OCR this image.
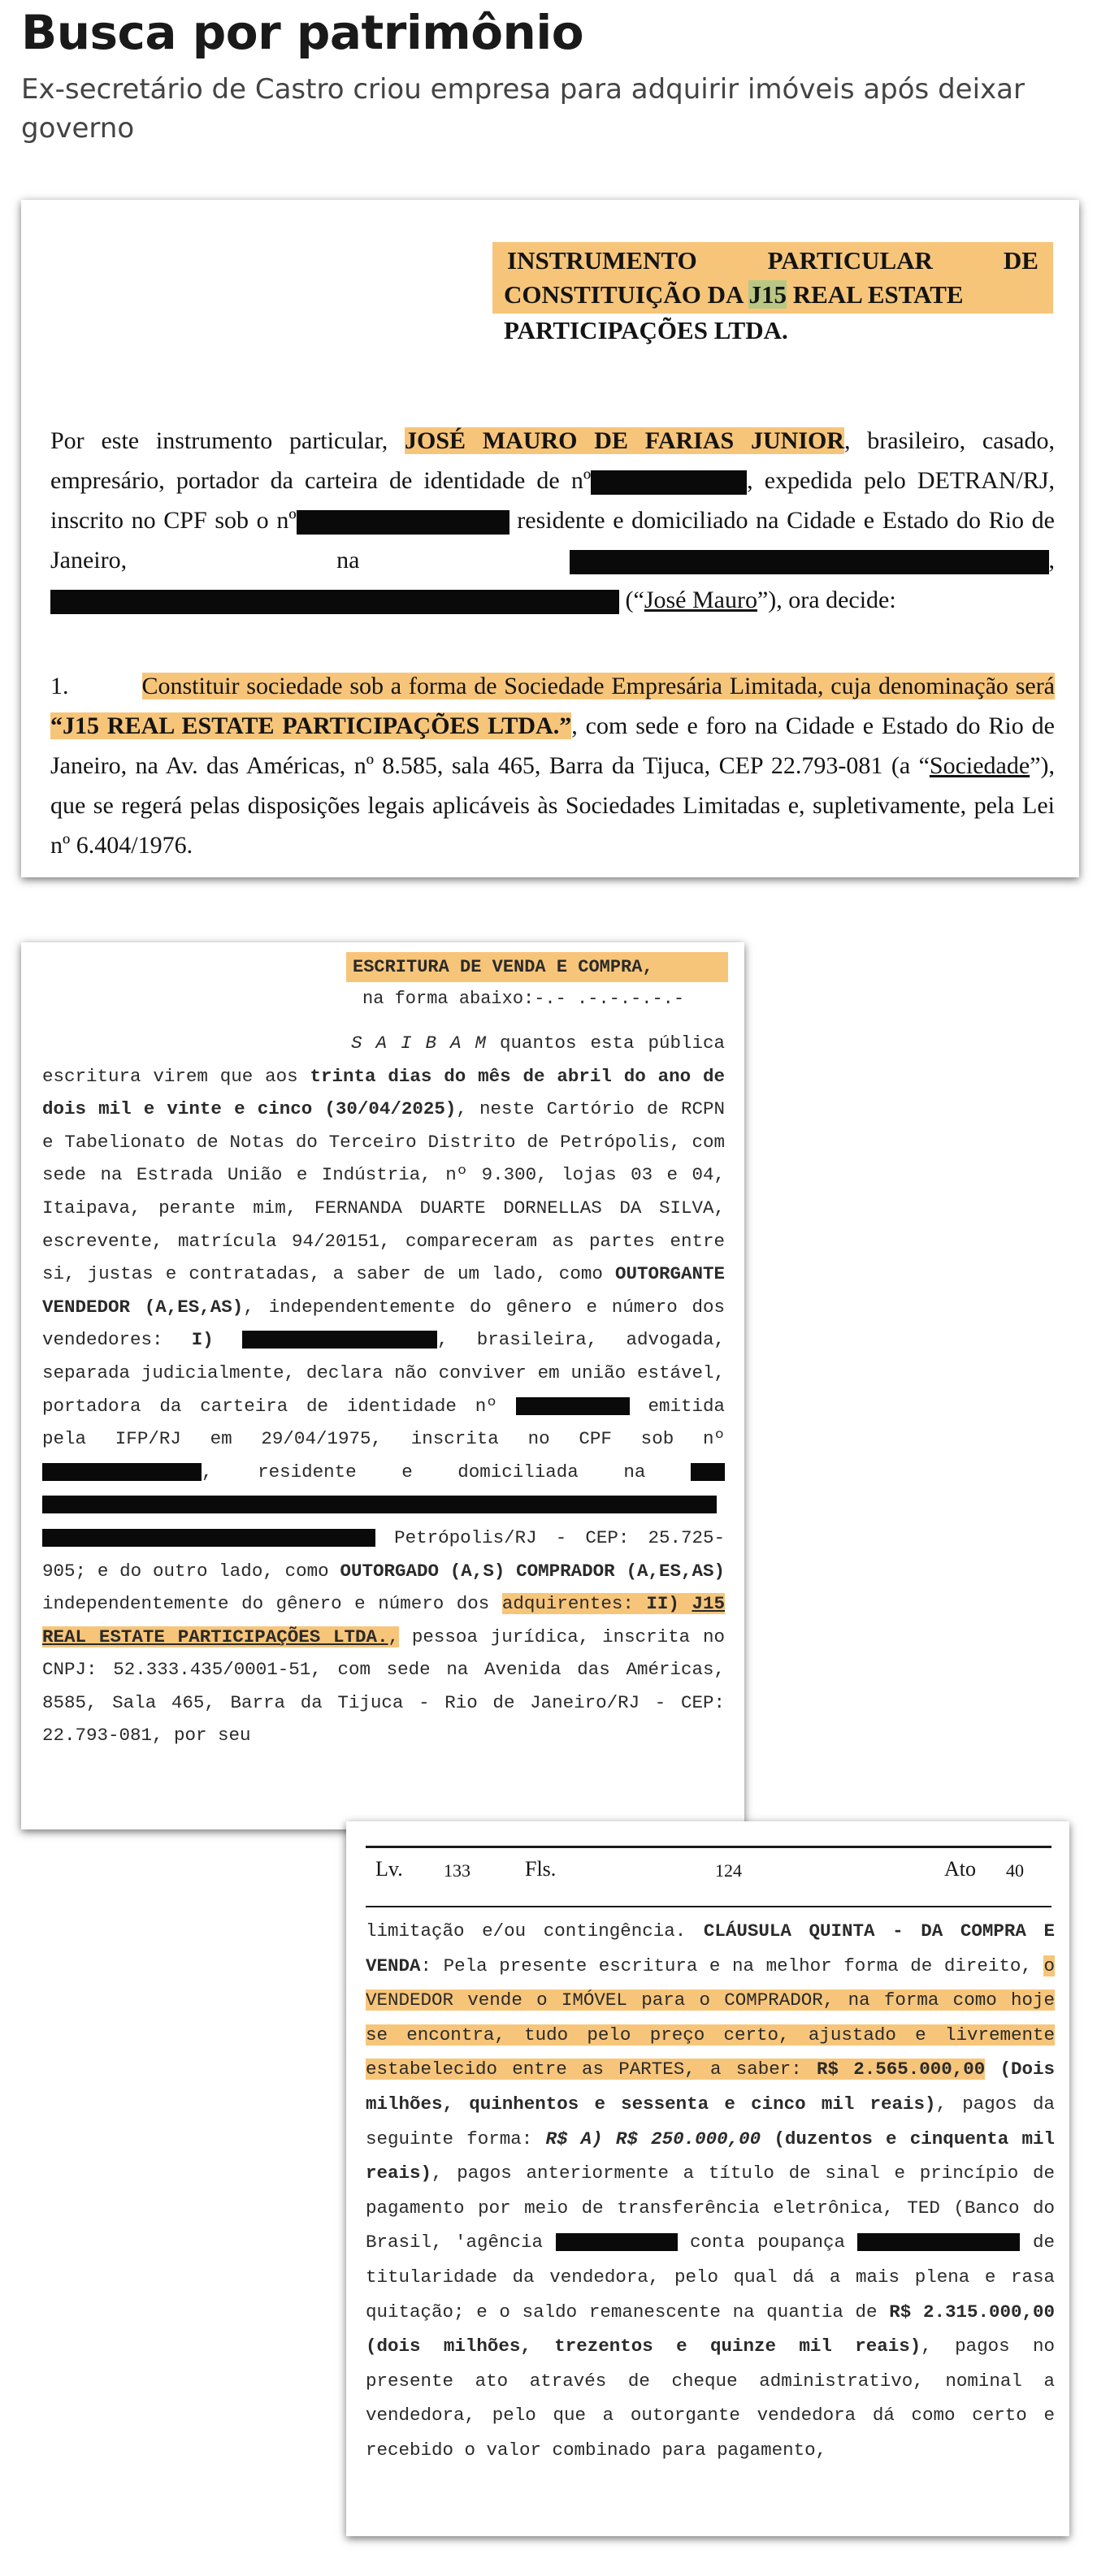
Busca por patrimônio

Ex-secretário de Castro criou empresa para adquirir imóveis após deixar governo

INSTRUMENTO	PARTICULAR	DE
CONSTITUIÇÃO DA J15 REAL ESTATE
PARTICIPAÇÕES LTDA.
Por este instrumento particular, JOSÉ MAURO DE FARIAS JUNIOR, brasileiro, casado, empresário, portador da carteira de identidade de nº	, expedida pelo DETRAN/RJ, inscrito no CPF sob o nº	residente e domiciliado na Cidade e Estado do Rio de Janeiro, na	,  (“José Mauro”), ora decide:
1.	Constituir sociedade sob a forma de Sociedade Empresária Limitada, cuja denominação será “J15 REAL ESTATE PARTICIPAÇÕES LTDA.”, com sede e foro na Cidade e Estado do Rio de Janeiro, na Av. das Américas, nº 8.585, sala 465, Barra da Tijuca, CEP 22.793-081 (a “Sociedade”), que se regerá pelas disposições legais aplicáveis às Sociedades Limitadas e, supletivamente, pela Lei nº 6.404/1976.
ESCRITURA DE VENDA E COMPRA,
na forma abaixo:-.- .-.-.-.-.-
S A I B A M quantos esta pública escritura virem que aos trinta dias do mês de abril do ano de dois mil e vinte e cinco (30/04/2025), neste Cartório de RCPN e Tabelionato de Notas do Terceiro Distrito de Petrópolis, com sede na Estrada União e Indústria, nº 9.300, lojas 03 e 04, Itaipava, perante mim, FERNANDA DUARTE DORNELLAS DA SILVA, escrevente, matrícula 94/20151, compareceram as partes entre si, justas e contratadas, a saber de um lado, como OUTORGANTE VENDEDOR (A,ES,AS), independentemente do gênero e número dos vendedores: I)	, brasileira, advogada, separada judicialmente, declara não conviver em união estável, portadora da carteira de identidade nº	emitida pela IFP/RJ em 29/04/1975, inscrita no CPF sob nº , residente e domiciliada na    Petrópolis/RJ - CEP: 25.725-905; e do outro lado, como OUTORGADO (A,S) COMPRADOR (A,ES,AS) independentemente do gênero e número dos adquirentes: II) J15 REAL ESTATE PARTICIPAÇÕES LTDA., pessoa jurídica, inscrita no CNPJ: 52.333.435/0001-51, com sede na Avenida das Américas, 8585, Sala 465, Barra da Tijuca - Rio de Janeiro/RJ - CEP: 22.793-081, por seu
Lv. 133	Fls.	124	Ato 40
limitação e/ou contingência. CLÁUSULA QUINTA - DA COMPRA E VENDA: Pela presente escritura e na melhor forma de direito, o VENDEDOR vende o IMÓVEL para o COMPRADOR, na forma como hoje se encontra, tudo pelo preço certo, ajustado e livremente estabelecido entre as PARTES, a saber: R$ 2.565.000,00 (Dois milhões, quinhentos e sessenta e cinco mil reais), pagos da seguinte forma: R$ A) R$ 250.000,00 (duzentos e cinquenta mil reais), pagos anteriormente a título de sinal e princípio de pagamento por meio de transferência eletrônica, TED (Banco do Brasil, 'agência	conta poupança	de titularidade da vendedora, pelo qual dá a mais plena e rasa quitação; e o saldo remanescente na quantia de R$ 2.315.000,00 (dois milhões, trezentos e quinze mil reais), pagos no presente ato através de cheque administrativo, nominal a vendedora, pelo que a outorgante vendedora dá como certo e recebido o valor combinado para pagamento,
